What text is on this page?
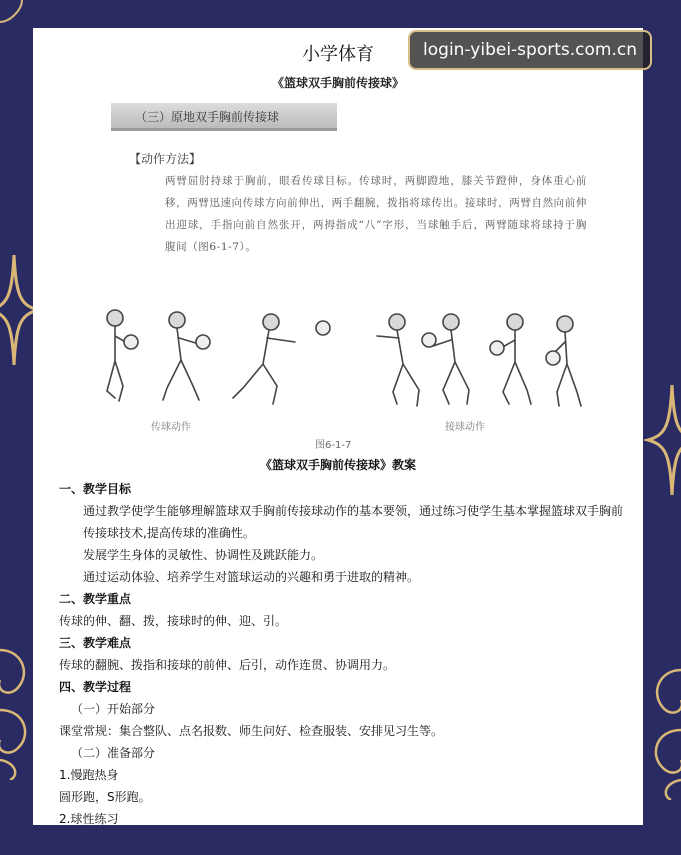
小学体育
《篮球双手胸前传接球》
（三）原地双手胸前传接球
【动作方法】
两臂屈肘持球于胸前，眼看传球目标。传球时，两脚蹬地，膝关节蹬伸，身体重心前移，两臂迅速向传球方向前伸出，两手翻腕，拨指将球传出。接球时，两臂自然向前伸出迎球，手指向前自然张开，两拇指成“八”字形，当球触手后，两臂随球将球持于胸腹间（图6-1-7）。
传球动作	接球动作
图6-1-7
《篮球双手胸前传接球》教案

一、教学目标

通过教学使学生能够理解篮球双手胸前传接球动作的基本要领，通过练习使学生基本掌握篮球双手胸前传接球技术,提高传球的准确性。

发展学生身体的灵敏性、协调性及跳跃能力。

通过运动体验、培养学生对篮球运动的兴趣和勇于进取的精神。

二、教学重点

传球的伸、翻、拨，接球时的伸、迎、引。

三、教学难点

传球的翻腕、拨指和接球的前伸、后引，动作连贯、协调用力。

四、教学过程

（一）开始部分

课堂常规：集合整队、点名报数、师生问好、检查服装、安排见习生等。

（二）准备部分

1.慢跑热身

圆形跑，S形跑。

2.球性练习

login-yibei-sports.com.cn
